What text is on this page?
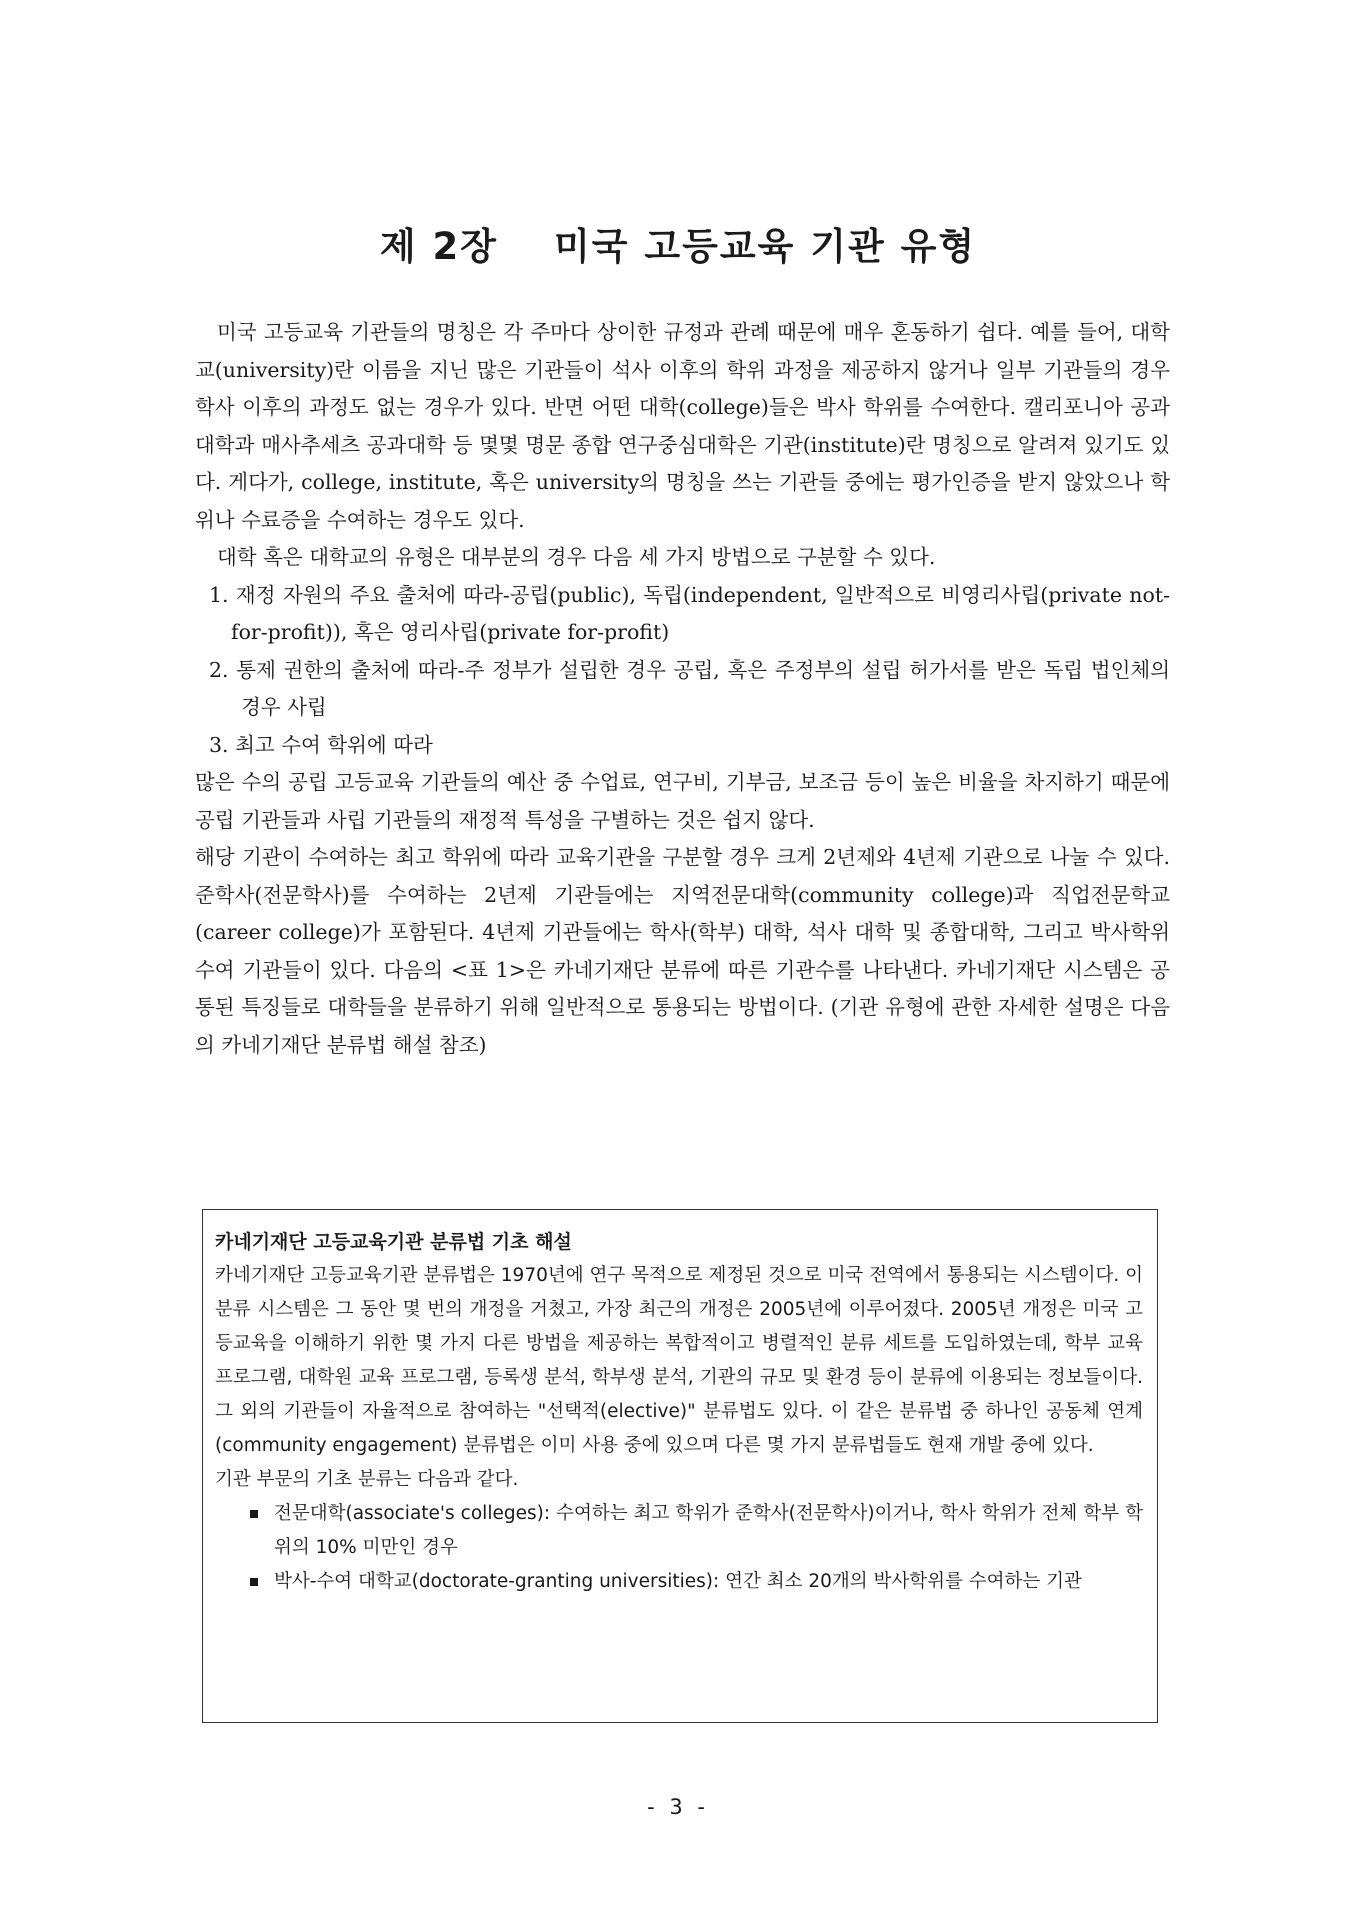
제 2장 미국 고등교육 기관 유형

미국 고등교육 기관들의 명칭은 각 주마다 상이한 규정과 관례 때문에 매우 혼동하기 쉽다. 예를 들어, 대학교(university)란 이름을 지닌 많은 기관들이 석사 이후의 학위 과정을 제공하지 않거나 일부 기관들의 경우 학사 이후의 과정도 없는 경우가 있다. 반면 어떤 대학(college)들은 박사 학위를 수여한다. 캘리포니아 공과대학과 매사추세츠 공과대학 등 몇몇 명문 종합 연구중심대학은 기관(institute)란 명칭으로 알려져 있기도 있다. 게다가, college, institute, 혹은 university의 명칭을 쓰는 기관들 중에는 평가인증을 받지 않았으나 학위나 수료증을 수여하는 경우도 있다.

대학 혹은 대학교의 유형은 대부분의 경우 다음 세 가지 방법으로 구분할 수 있다.

1. 재정 자원의 주요 출처에 따라-공립(public), 독립(independent, 일반적으로 비영리사립(private not-for-profit)), 혹은 영리사립(private for-profit)

2. 통제 권한의 출처에 따라-주 정부가 설립한 경우 공립, 혹은 주정부의 설립 허가서를 받은 독립 법인체의 경우 사립

3. 최고 수여 학위에 따라

많은 수의 공립 고등교육 기관들의 예산 중 수업료, 연구비, 기부금, 보조금 등이 높은 비율을 차지하기 때문에 공립 기관들과 사립 기관들의 재정적 특성을 구별하는 것은 쉽지 않다.

해당 기관이 수여하는 최고 학위에 따라 교육기관을 구분할 경우 크게 2년제와 4년제 기관으로 나눌 수 있다. 준학사(전문학사)를 수여하는 2년제 기관들에는 지역전문대학(community college)과 직업전문학교(career college)가 포함된다. 4년제 기관들에는 학사(학부) 대학, 석사 대학 및 종합대학, 그리고 박사학위 수여 기관들이 있다. 다음의 <표 1>은 카네기재단 분류에 따른 기관수를 나타낸다. 카네기재단 시스템은 공통된 특징들로 대학들을 분류하기 위해 일반적으로 통용되는 방법이다. (기관 유형에 관한 자세한 설명은 다음의 카네기재단 분류법 해설 참조)

카네기재단 고등교육기관 분류법 기초 해설

카네기재단 고등교육기관 분류법은 1970년에 연구 목적으로 제정된 것으로 미국 전역에서 통용되는 시스템이다. 이 분류 시스템은 그 동안 몇 번의 개정을 거쳤고, 가장 최근의 개정은 2005년에 이루어졌다. 2005년 개정은 미국 고등교육을 이해하기 위한 몇 가지 다른 방법을 제공하는 복합적이고 병렬적인 분류 세트를 도입하였는데, 학부 교육 프로그램, 대학원 교육 프로그램, 등록생 분석, 학부생 분석, 기관의 규모 및 환경 등이 분류에 이용되는 정보들이다. 그 외의 기관들이 자율적으로 참여하는 "선택적(elective)" 분류법도 있다. 이 같은 분류법 중 하나인 공동체 연계(community engagement) 분류법은 이미 사용 중에 있으며 다른 몇 가지 분류법들도 현재 개발 중에 있다.

기관 부문의 기초 분류는 다음과 같다.

전문대학(associate's colleges): 수여하는 최고 학위가 준학사(전문학사)이거나, 학사 학위가 전체 학부 학위의 10% 미만인 경우
박사-수여 대학교(doctorate-granting universities): 연간 최소 20개의 박사학위를 수여하는 기관
- 3 -
